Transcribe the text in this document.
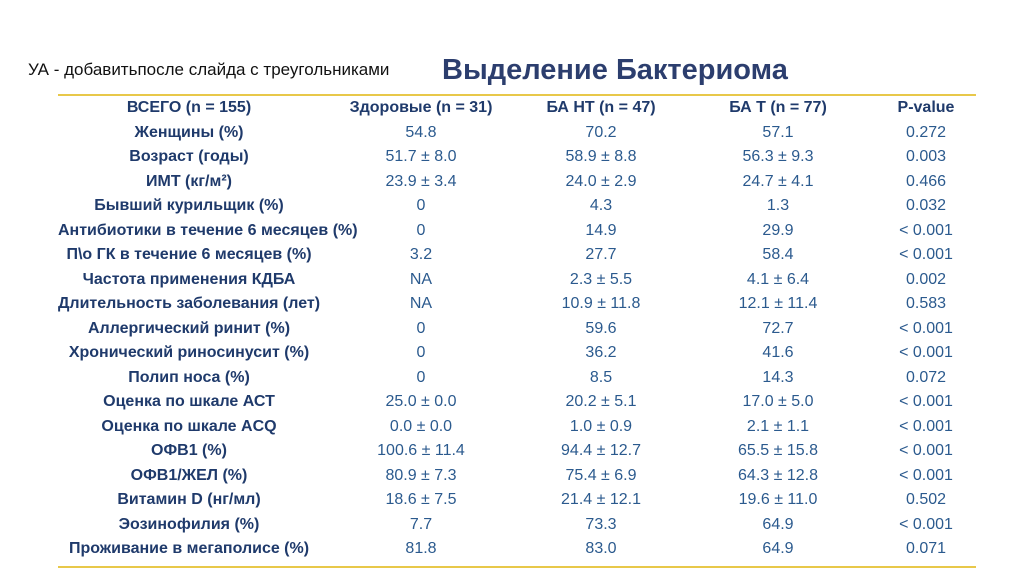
УА - добавитьпосле слайда с треугольниками Выделение Бактериома
ВСЕГО (n = 155)	Здоровые (n = 31)	БА НТ (n = 47)	БА Т (n = 77)	P-value
Женщины (%)	54.8	70.2	57.1	0.272
Возраст (годы)	51.7 ± 8.0	58.9 ± 8.8	56.3 ± 9.3	0.003
ИМТ (кг/м²)	23.9 ± 3.4	24.0 ± 2.9	24.7 ± 4.1	0.466
Бывший курильщик (%)	0	4.3	1.3	0.032
Антибиотики в течение 6 месяцев (%)	0	14.9	29.9	< 0.001
П\о ГК в течение 6 месяцев (%)	3.2	27.7	58.4	< 0.001
Частота применения КДБА	NA	2.3 ± 5.5	4.1 ± 6.4	0.002
Длительность заболевания (лет)	NA	10.9 ± 11.8	12.1 ± 11.4	0.583
Аллергический ринит (%)	0	59.6	72.7	< 0.001
Хронический риносинусит (%)	0	36.2	41.6	< 0.001
Полип носа (%)	0	8.5	14.3	0.072
Оценка по шкале АСТ	25.0 ± 0.0	20.2 ± 5.1	17.0 ± 5.0	< 0.001
Оценка по шкале ACQ	0.0 ± 0.0	1.0 ± 0.9	2.1 ± 1.1	< 0.001
ОФВ1 (%)	100.6 ± 11.4	94.4 ± 12.7	65.5 ± 15.8	< 0.001
ОФВ1/ЖЕЛ (%)	80.9 ± 7.3	75.4 ± 6.9	64.3 ± 12.8	< 0.001
Витамин D (нг/мл)	18.6 ± 7.5	21.4 ± 12.1	19.6 ± 11.0	0.502
Эозинофилия (%)	7.7	73.3	64.9	< 0.001
Проживание в мегаполисе (%)	81.8	83.0	64.9	0.071
